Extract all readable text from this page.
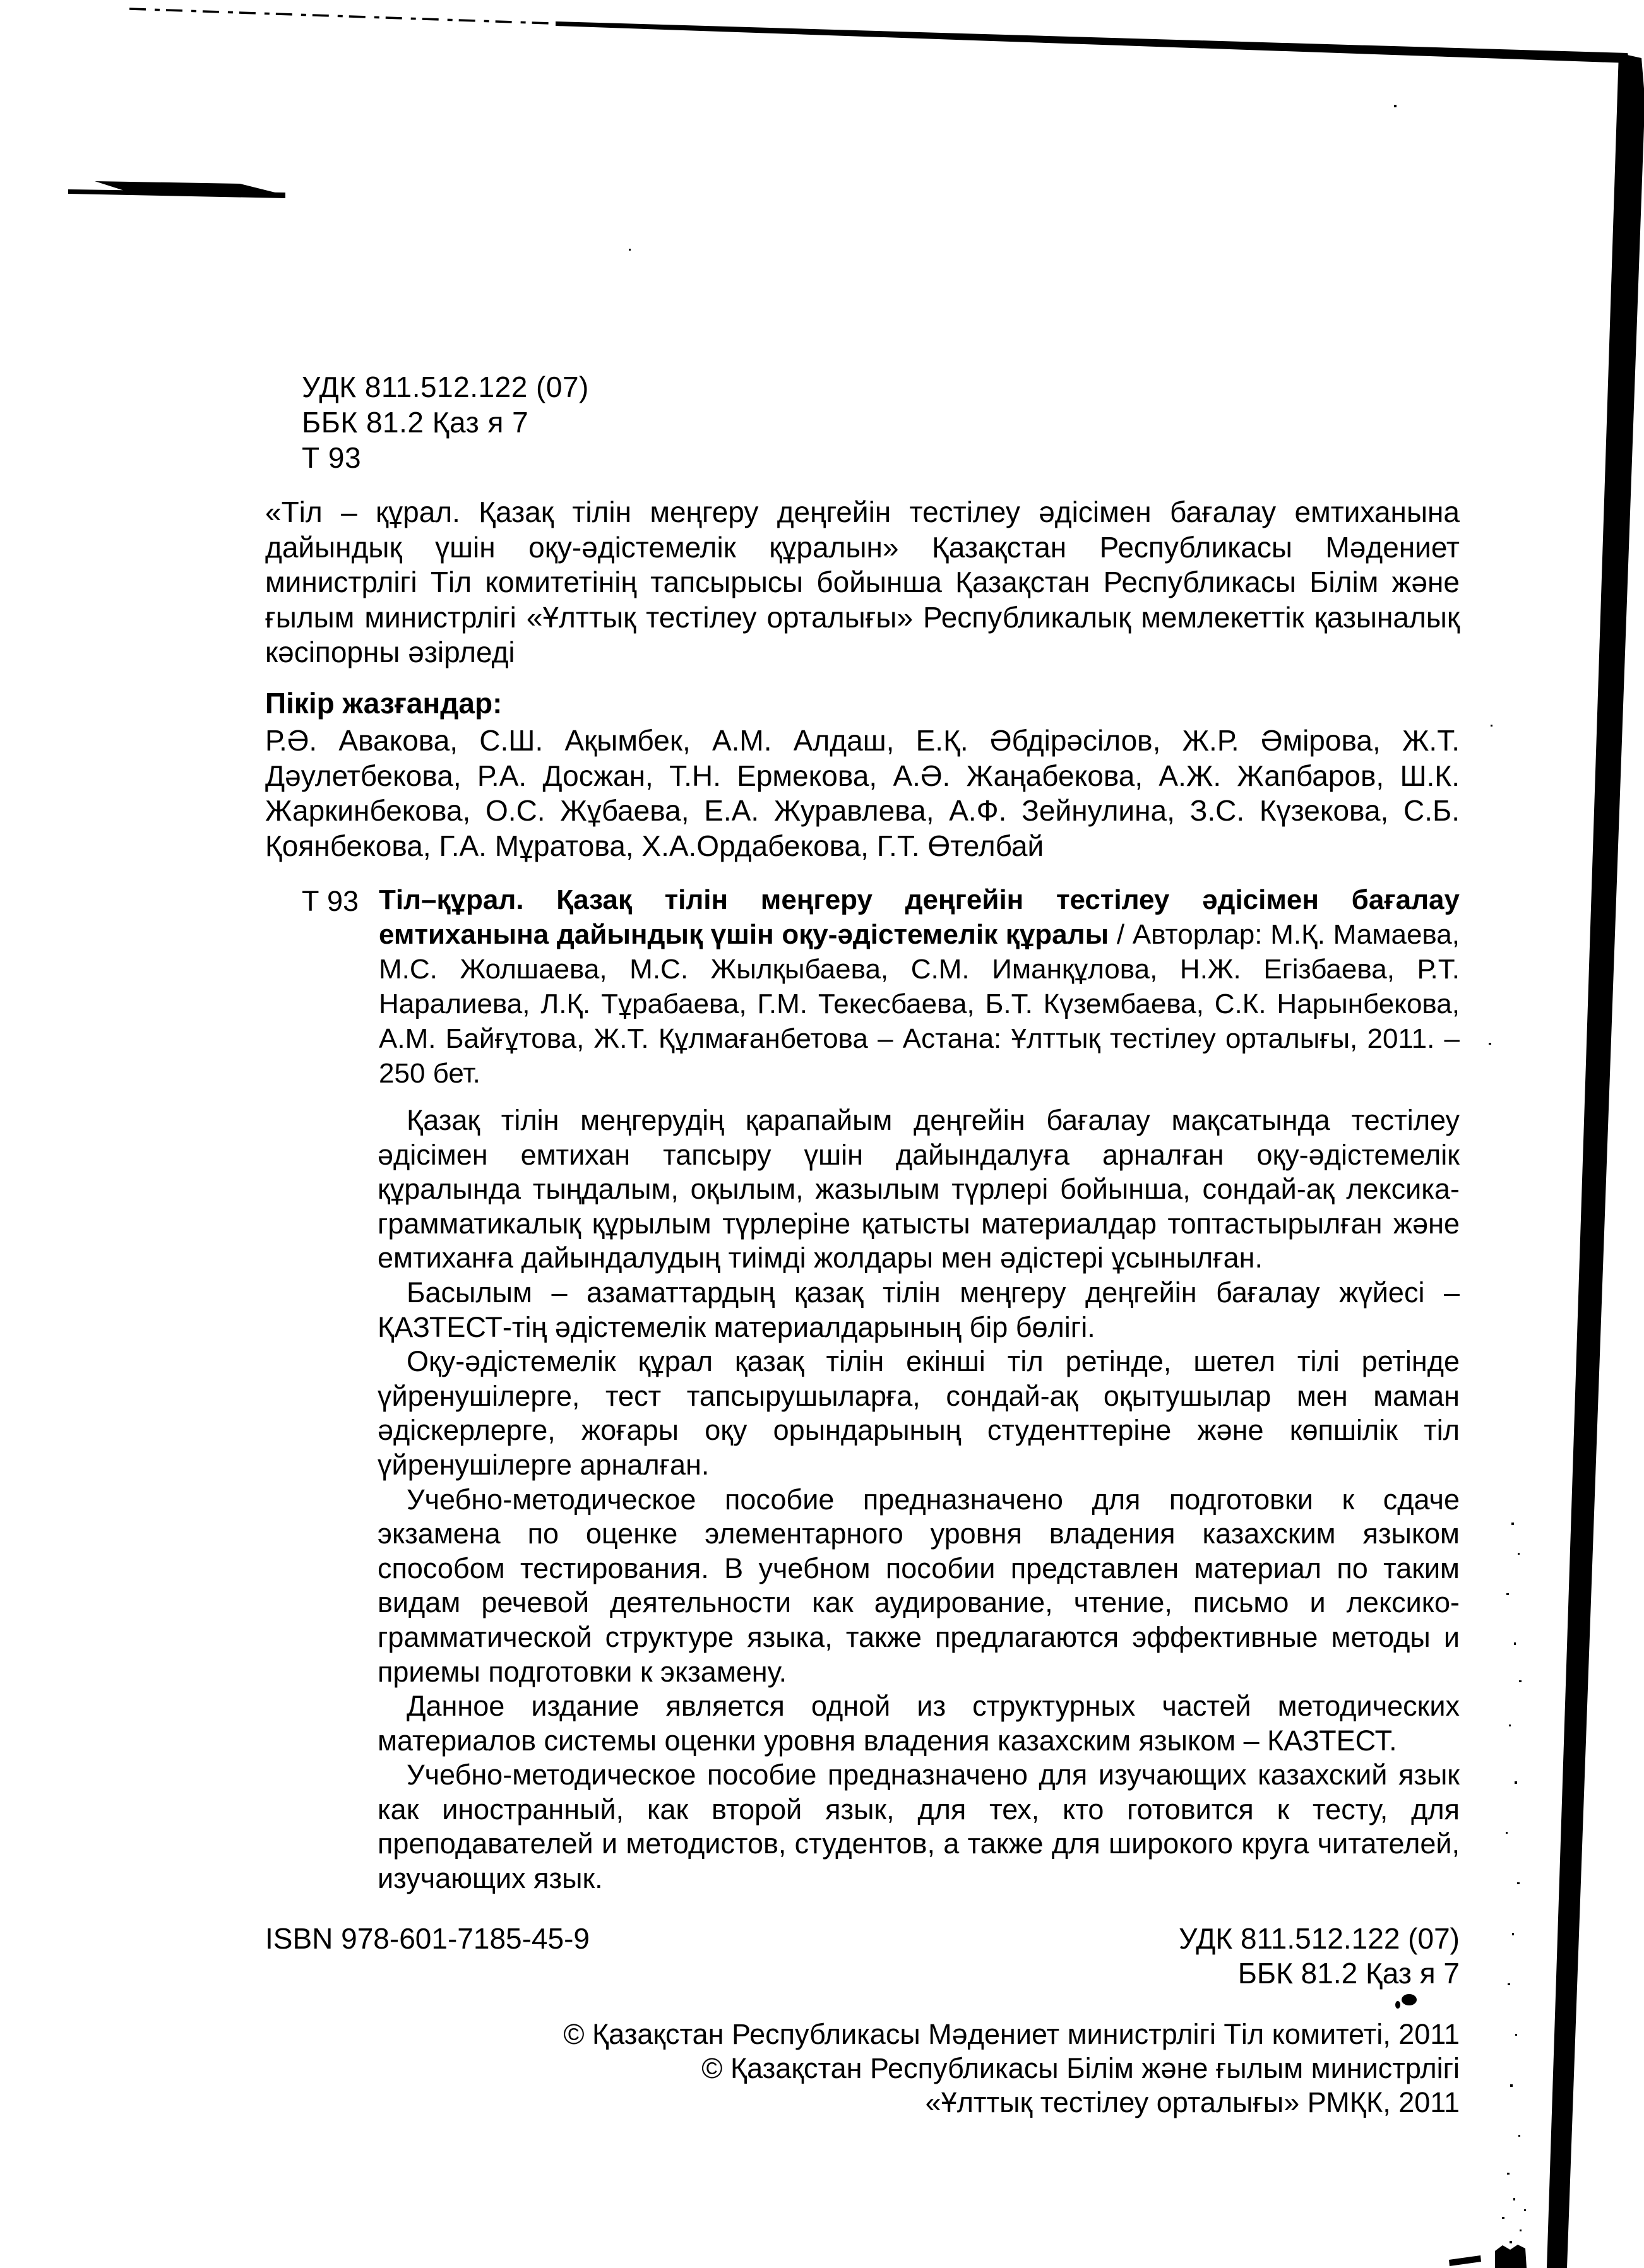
УДК 811.512.122 (07)
ББК 81.2 Қаз я 7
Т 93
«Тіл – құрал. Қазақ тілін меңгеру деңгейін тестілеу әдісімен бағалау емтиханына дайындық үшін оқу-әдістемелік құралын» Қазақстан Республикасы Мәдениет министрлігі Тіл комитетінің тапсырысы бойынша Қазақстан Республикасы Білім және ғылым министрлігі «Ұлттық тестілеу орталығы» Республикалық мемлекеттік қазыналық кәсіпорны әзірледі
Пікір жазғандар:
Р.Ә. Авакова, С.Ш. Ақымбек, А.М. Алдаш, Е.Қ. Әбдірәсілов, Ж.Р. Әмірова, Ж.Т. Дәулетбекова, Р.А. Досжан, Т.Н. Ермекова, А.Ә. Жаңабекова, А.Ж. Жапбаров, Ш.К. Жаркинбекова, О.С. Жұбаева, Е.А. Журавлева, А.Ф. Зейнулина, З.С. Күзекова, С.Б. Қоянбекова, Г.А. Мұратова, Х.А.Ордабекова, Г.Т. Өтелбай
Т 93 Тіл–құрал. Қазақ тілін меңгеру деңгейін тестілеу әдісімен бағалау емтиханына дайындық үшін оқу-әдістемелік құралы / Авторлар: М.Қ. Мамаева, М.С. Жолшаева, М.С. Жылқыбаева, С.М. Иманқұлова, Н.Ж. Егізбаева, Р.Т. Наралиева, Л.Қ. Тұрабаева, Г.М. Текесбаева, Б.Т. Күзембаева, С.К. Нарынбекова, А.М. Байғұтова, Ж.Т. Құлмағанбетова – Астана: Ұлттық тестілеу орталығы, 2011. – 250 бет.

Қазақ тілін меңгерудің қарапайым деңгейін бағалау мақсатында тестілеу әдісімен емтихан тапсыру үшін дайындалуға арналған оқу-әдістемелік құралында тыңдалым, оқылым, жазылым түрлері бойынша, сондай-ақ лексика-грамматикалық құрылым түрлеріне қатысты материалдар топтастырылған және емтиханға дайындалудың тиімді жолдары мен әдістері ұсынылған.

Басылым – азаматтардың қазақ тілін меңгеру деңгейін бағалау жүйесі – ҚАЗТЕСТ-тің әдістемелік материалдарының бір бөлігі.

Оқу-әдістемелік құрал қазақ тілін екінші тіл ретінде, шетел тілі ретінде үйренушілерге, тест тапсырушыларға, сондай-ақ оқытушылар мен маман әдіскерлерге, жоғары оқу орындарының студенттеріне және көпшілік тіл үйренушілерге арналған.

Учебно-методическое пособие предназначено для подготовки к сдаче экзамена по оценке элементарного уровня владения казахским языком способом тестирования. В учебном пособии представлен материал по таким видам речевой деятельности как аудирование, чтение, письмо и лексико-грамматической структуре языка, также предлагаются эффективные методы и приемы подготовки к экзамену.

Данное издание является одной из структурных частей методических материалов системы оценки уровня владения казахским языком – КАЗТЕСТ.

Учебно-методическое пособие предназначено для изучающих казахский язык как иностранный, как второй язык, для тех, кто готовится к тесту, для преподавателей и методистов, студентов, а также для широкого круга читателей, изучающих язык.

ISBN 978-601-7185-45-9	УДК 811.512.122 (07)
ББК 81.2 Қаз я 7
© Қазақстан Республикасы Мәдениет министрлігі Тіл комитеті, 2011
© Қазақстан Республикасы Білім және ғылым министрлігі
«Ұлттық тестілеу орталығы» РМҚК, 2011
